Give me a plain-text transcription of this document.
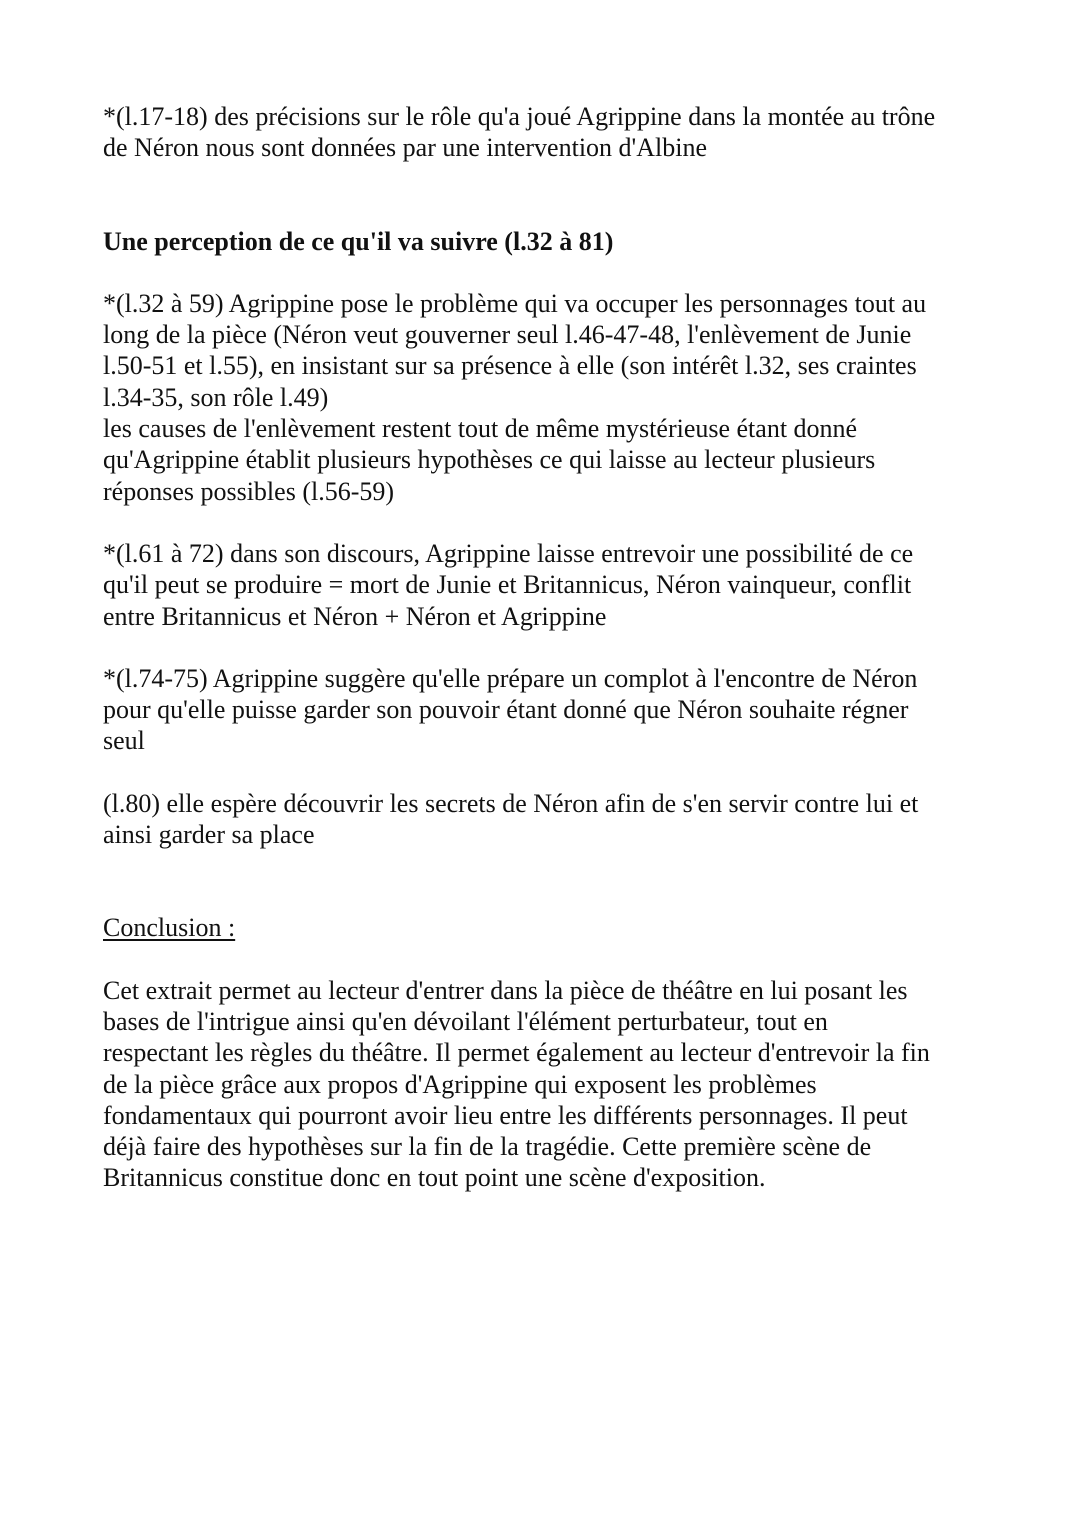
*(l.17-18) des précisions sur le rôle qu'a joué Agrippine dans la montée au trône
de Néron nous sont données par une intervention d'Albine

Une perception de ce qu'il va suivre (l.32 à 81)

*(l.32 à 59) Agrippine pose le problème qui va occuper les personnages tout au
long de la pièce (Néron veut gouverner seul l.46-47-48, l'enlèvement de Junie
l.50-51 et l.55), en insistant sur sa présence à elle (son intérêt l.32, ses craintes
l.34-35, son rôle l.49)
les causes de l'enlèvement restent tout de même mystérieuse étant donné
qu'Agrippine établit plusieurs hypothèses ce qui laisse au lecteur plusieurs
réponses possibles (l.56-59)

*(l.61 à 72) dans son discours, Agrippine laisse entrevoir une possibilité de ce
qu'il peut se produire = mort de Junie et Britannicus, Néron vainqueur, conflit
entre Britannicus et Néron + Néron et Agrippine

*(l.74-75) Agrippine suggère qu'elle prépare un complot à l'encontre de Néron
pour qu'elle puisse garder son pouvoir étant donné que Néron souhaite régner
seul

(l.80) elle espère découvrir les secrets de Néron afin de s'en servir contre lui et
ainsi garder sa place

Conclusion :

Cet extrait permet au lecteur d'entrer dans la pièce de théâtre en lui posant les
bases de l'intrigue ainsi qu'en dévoilant l'élément perturbateur, tout en
respectant les règles du théâtre. Il permet également au lecteur d'entrevoir la fin
de la pièce grâce aux propos d'Agrippine qui exposent les problèmes
fondamentaux qui pourront avoir lieu entre les différents personnages. Il peut
déjà faire des hypothèses sur la fin de la tragédie. Cette première scène de
Britannicus constitue donc en tout point une scène d'exposition.
